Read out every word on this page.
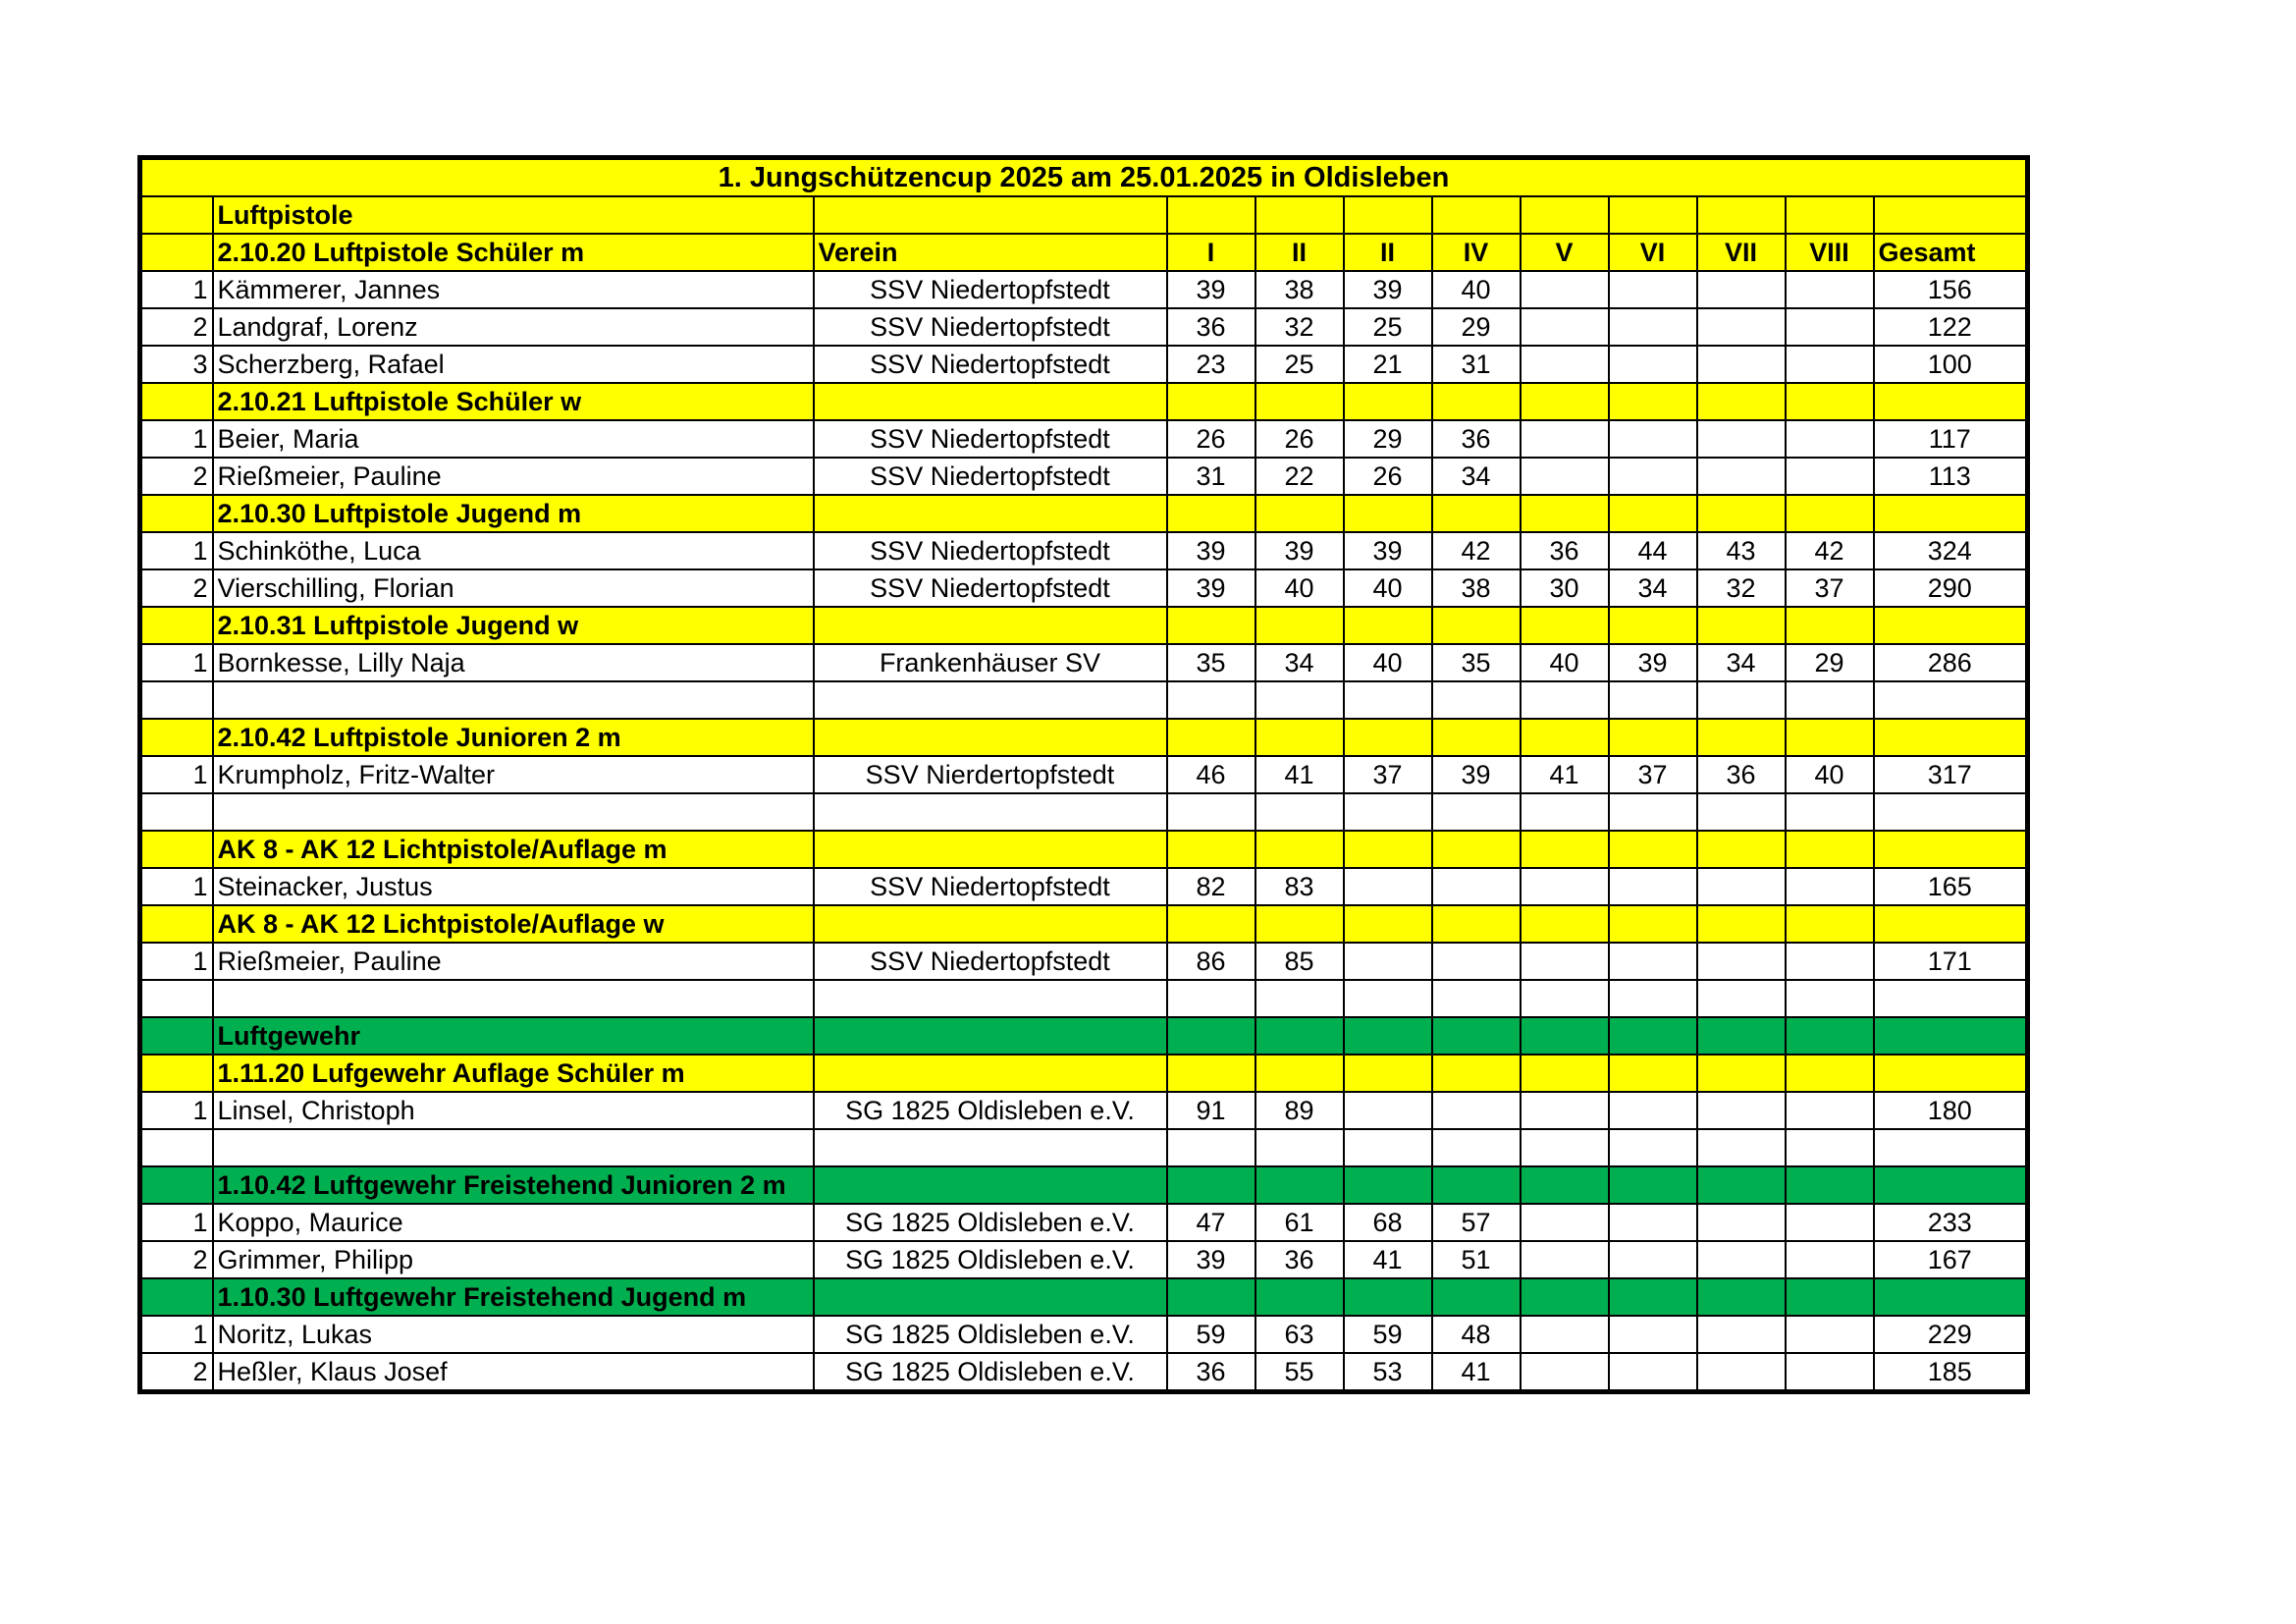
1. Jungschützencup 2025 am 25.01.2025 in Oldisleben											
	Luftpistole										
	2.10.20 Luftpistole Schüler m	Verein	I	II	II	IV	V	VI	VII	VIII	Gesamt
1	Kämmerer, Jannes	SSV Niedertopfstedt	39	38	39	40					156
2	Landgraf, Lorenz	SSV Niedertopfstedt	36	32	25	29					122
3	Scherzberg, Rafael	SSV Niedertopfstedt	23	25	21	31					100
	2.10.21 Luftpistole Schüler w										
1	Beier, Maria	SSV Niedertopfstedt	26	26	29	36					117
2	Rießmeier, Pauline	SSV Niedertopfstedt	31	22	26	34					113
	2.10.30 Luftpistole Jugend m										
1	Schinköthe, Luca	SSV Niedertopfstedt	39	39	39	42	36	44	43	42	324
2	Vierschilling, Florian	SSV Niedertopfstedt	39	40	40	38	30	34	32	37	290
	2.10.31 Luftpistole Jugend w										
1	Bornkesse, Lilly Naja	Frankenhäuser SV	35	34	40	35	40	39	34	29	286

	2.10.42 Luftpistole Junioren 2 m										
1	Krumpholz, Fritz-Walter	SSV Nierdertopfstedt	46	41	37	39	41	37	36	40	317

	AK 8 - AK 12 Lichtpistole/Auflage m										
1	Steinacker, Justus	SSV Niedertopfstedt	82	83							165
	AK 8 - AK 12 Lichtpistole/Auflage w										
1	Rießmeier, Pauline	SSV Niedertopfstedt	86	85							171

	Luftgewehr										
	1.11.20 Lufgewehr Auflage Schüler m										
1	Linsel, Christoph	SG 1825 Oldisleben e.V.	91	89							180

	1.10.42 Luftgewehr Freistehend Junioren 2 m										
1	Koppo, Maurice	SG 1825 Oldisleben e.V.	47	61	68	57					233
2	Grimmer, Philipp	SG 1825 Oldisleben e.V.	39	36	41	51					167
	1.10.30 Luftgewehr Freistehend Jugend m										
1	Noritz, Lukas	SG 1825 Oldisleben e.V.	59	63	59	48					229
2	Heßler, Klaus Josef	SG 1825 Oldisleben e.V.	36	55	53	41					185
